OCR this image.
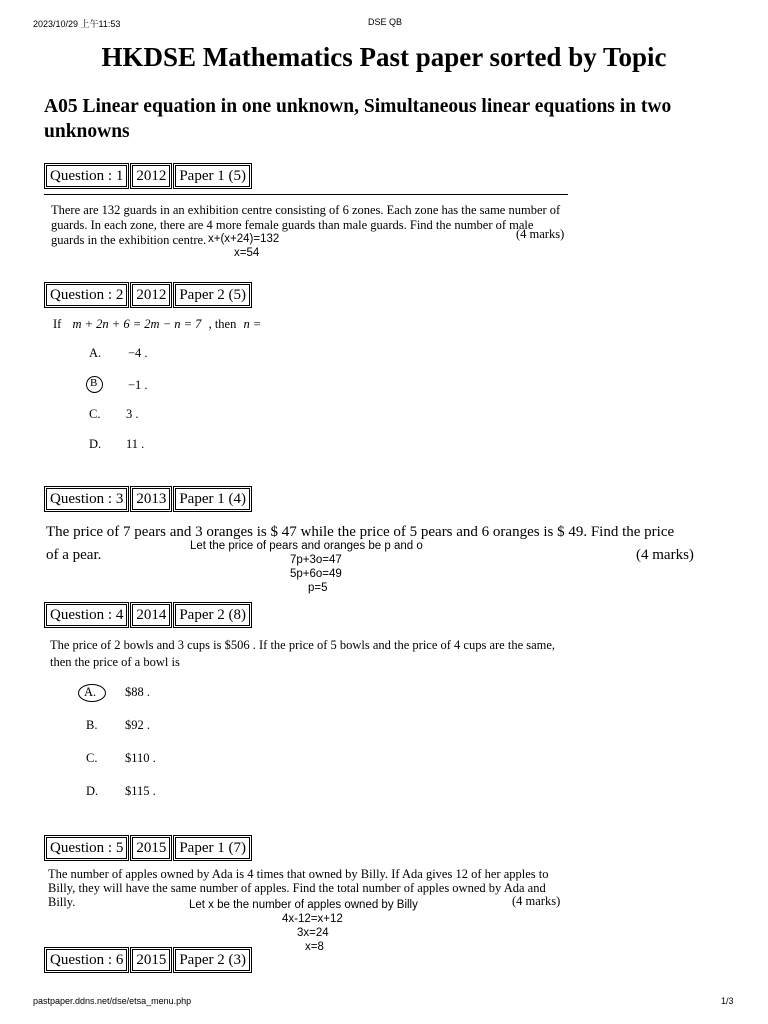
2023/10/29 上午11:53	DSE QB
HKDSE Mathematics Past paper sorted by Topic
A05 Linear equation in one unknown, Simultaneous linear equations in two unknowns
Question : 1 2012 Paper 1 (5)
There are 132 guards in an exhibition centre consisting of 6 zones. Each zone has the same number of
guards. In each zone, there are 4 more female guards than male guards. Find the number of male
guards in the exhibition centre.	(4 marks)
x+(x+24)=132
x=54
Question : 2 2012 Paper 2 (5)
If m + 2n + 6 = 2m − n = 7 , then n =
A. −4 .
B −1 .
C. 3 .
D. 11 .
Question : 3 2013 Paper 1 (4)
The price of 7 pears and 3 oranges is $ 47 while the price of 5 pears and 6 oranges is $ 49. Find the price
of a pear.	(4 marks)
Let the price of pears and oranges be p and o
7p+3o=47
5p+6o=49
p=5
Question : 4 2014 Paper 2 (8)
The price of 2 bowls and 3 cups is $506 . If the price of 5 bowls and the price of 4 cups are the same,
then the price of a bowl is
A. $88 .
B. $92 .
C. $110 .
D. $115 .
Question : 5 2015 Paper 1 (7)
The number of apples owned by Ada is 4 times that owned by Billy. If Ada gives 12 of her apples to
Billy, they will have the same number of apples. Find the total number of apples owned by Ada and
Billy.	(4 marks)
Let x be the number of apples owned by Billy
4x-12=x+12
3x=24
x=8
Question : 6 2015 Paper 2 (3)
pastpaper.ddns.net/dse/etsa_menu.php	1/3
